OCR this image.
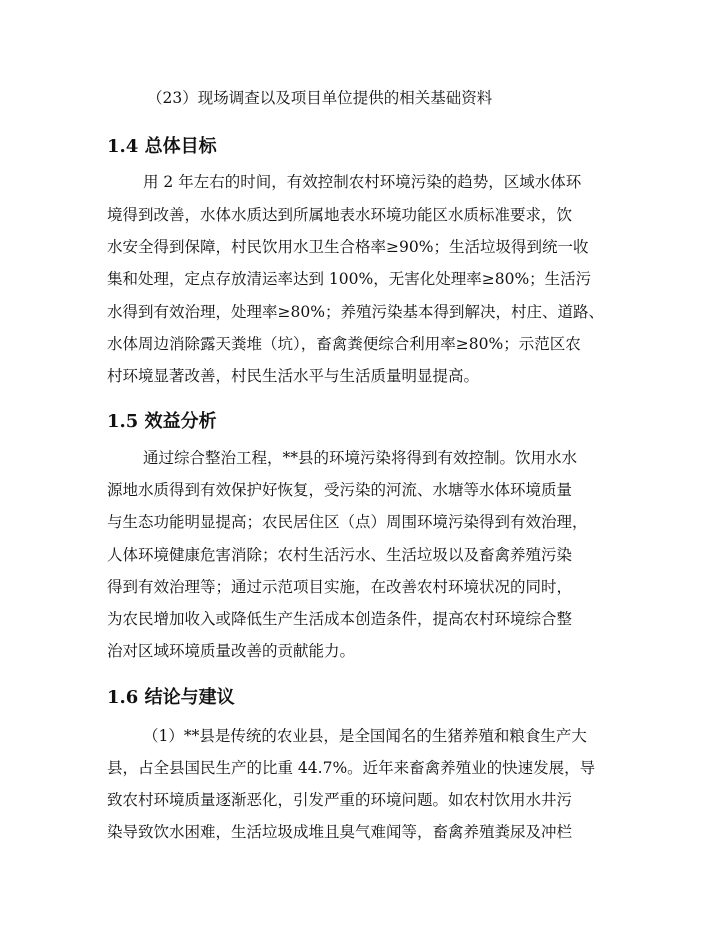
（23）现场调查以及项目单位提供的相关基础资料
1.4 总体目标
用 2 年左右的时间，有效控制农村环境污染的趋势，区域水体环
境得到改善，水体水质达到所属地表水环境功能区水质标准要求，饮
水安全得到保障，村民饮用水卫生合格率≥90%；生活垃圾得到统一收
集和处理，定点存放清运率达到 100%，无害化处理率≥80%；生活污
水得到有效治理，处理率≥80%；养殖污染基本得到解决，村庄、道路、
水体周边消除露天粪堆（坑），畜禽粪便综合利用率≥80%；示范区农
村环境显著改善，村民生活水平与生活质量明显提高。
1.5 效益分析
通过综合整治工程，**县的环境污染将得到有效控制。饮用水水
源地水质得到有效保护好恢复，受污染的河流、水塘等水体环境质量
与生态功能明显提高；农民居住区（点）周围环境污染得到有效治理，
人体环境健康危害消除；农村生活污水、生活垃圾以及畜禽养殖污染
得到有效治理等；通过示范项目实施，在改善农村环境状况的同时，
为农民增加收入或降低生产生活成本创造条件，提高农村环境综合整
治对区域环境质量改善的贡献能力。
1.6 结论与建议
（1）**县是传统的农业县，是全国闻名的生猪养殖和粮食生产大
县，占全县国民生产的比重 44.7%。近年来畜禽养殖业的快速发展，导
致农村环境质量逐渐恶化，引发严重的环境问题。如农村饮用水井污
染导致饮水困难，生活垃圾成堆且臭气难闻等，畜禽养殖粪尿及冲栏
